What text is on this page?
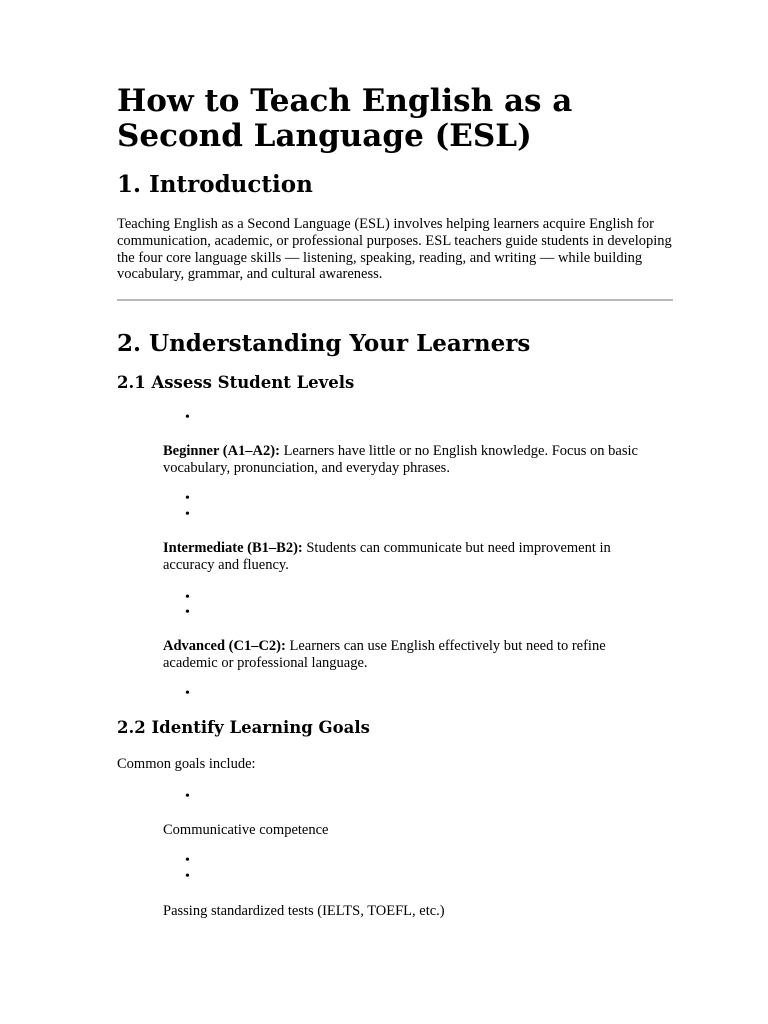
How to Teach English as a Second Language (ESL)
1. Introduction

Teaching English as a Second Language (ESL) involves helping learners acquire English for communication, academic, or professional purposes. ESL teachers guide students in developing the four core language skills — listening, speaking, reading, and writing — while building vocabulary, grammar, and cultural awareness.

2. Understanding Your Learners
2.1 Assess Student Levels
•

Beginner (A1–A2): Learners have little or no English knowledge. Focus on basic vocabulary, pronunciation, and everyday phrases.

•
•

Intermediate (B1–B2): Students can communicate but need improvement in accuracy and fluency.

•
•

Advanced (C1–C2): Learners can use English effectively but need to refine academic or professional language.

•
2.2 Identify Learning Goals

Common goals include:

•

Communicative competence

•
•

Passing standardized tests (IELTS, TOEFL, etc.)
